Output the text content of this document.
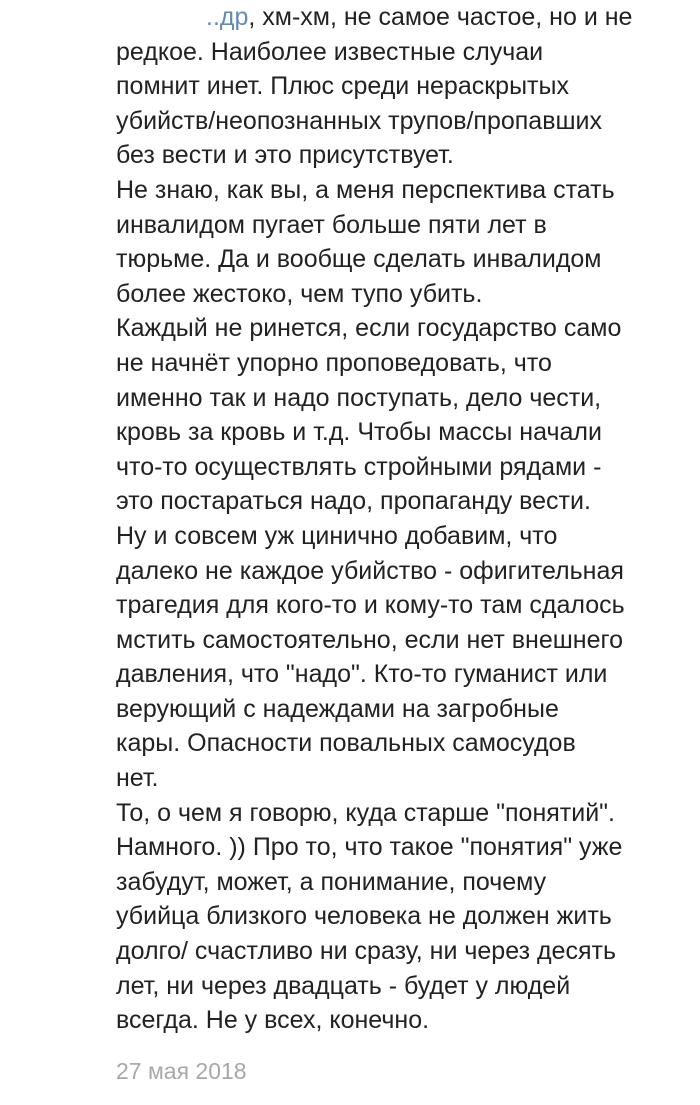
..др, хм-хм, не самое частое, но и не
редкое. Наиболее известные случаи
помнит инет. Плюс среди нераскрытых
убийств/неопознанных трупов/пропавших
без вести и это присутствует.
Не знаю, как вы, а меня перспектива стать
инвалидом пугает больше пяти лет в
тюрьме. Да и вообще сделать инвалидом
более жестоко, чем тупо убить.
Каждый не ринется, если государство само
не начнёт упорно проповедовать, что
именно так и надо поступать, дело чести,
кровь за кровь и т.д. Чтобы массы начали
что-то осуществлять стройными рядами -
это постараться надо, пропаганду вести.
Ну и совсем уж цинично добавим, что
далеко не каждое убийство - офигительная
трагедия для кого-то и кому-то там сдалось
мстить самостоятельно, если нет внешнего
давления, что "надо". Кто-то гуманист или
верующий с надеждами на загробные
кары. Опасности повальных самосудов
нет.
То, о чем я говорю, куда старше "понятий".
Намного. )) Про то, что такое "понятия" уже
забудут, может, а понимание, почему
убийца близкого человека не должен жить
долго/ счастливо ни сразу, ни через десять
лет, ни через двадцать - будет у людей
всегда. Не у всех, конечно.
27 мая 2018
